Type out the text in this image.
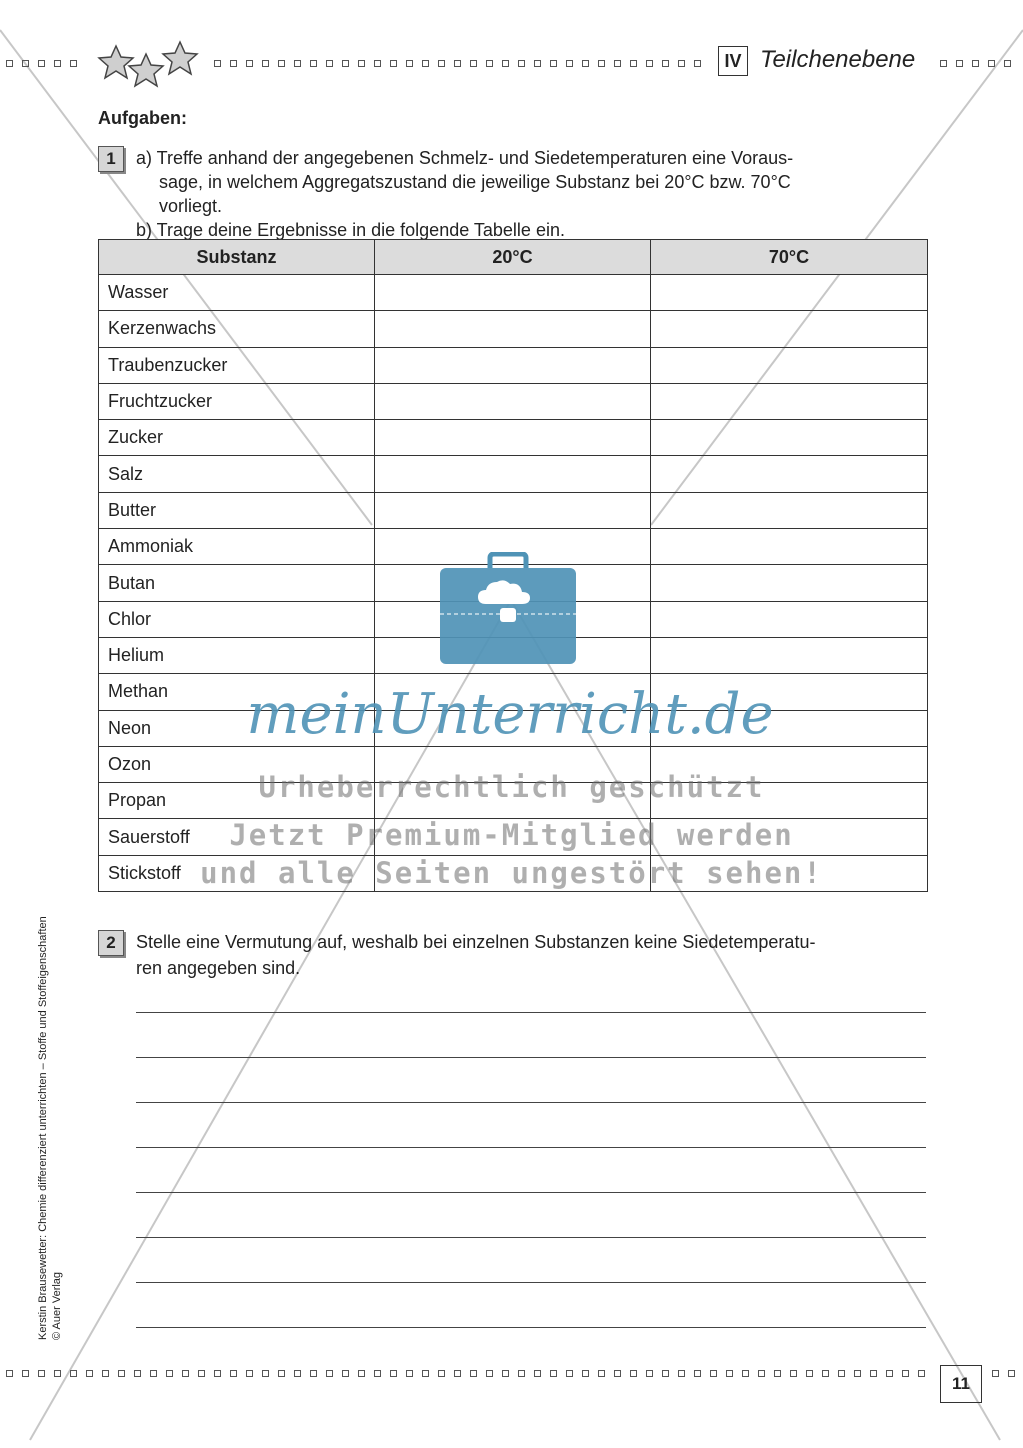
IV Teilchenebene
Aufgaben:
1	a) Treffe anhand der angegebenen Schmelz- und Siedetemperaturen eine Voraus-
sage, in welchem Aggregatszustand die jeweilige Substanz bei 20°C bzw. 70°C
vorliegt.
b) Trage deine Ergebnisse in die folgende Tabelle ein.
Substanz	20°C	70°C
Wasser		
Kerzenwachs		
Traubenzucker		
Fruchtzucker		
Zucker		
Salz		
Butter		
Ammoniak		
Butan		
Chlor		
Helium		
Methan		
Neon		
Ozon		
Propan		
Sauerstoff		
Stickstoff		
2	Stelle eine Vermutung auf, weshalb bei einzelnen Substanzen keine Siedetemperatu-
ren angegeben sind.
meinUnterricht.de
Urheberrechtlich geschützt
Jetzt Premium-Mitglied werden
und alle Seiten ungestört sehen!
Kerstin Brausewetter: Chemie differenziert unterrichten – Stoffe und Stoffeigenschaften © Auer Verlag
11
